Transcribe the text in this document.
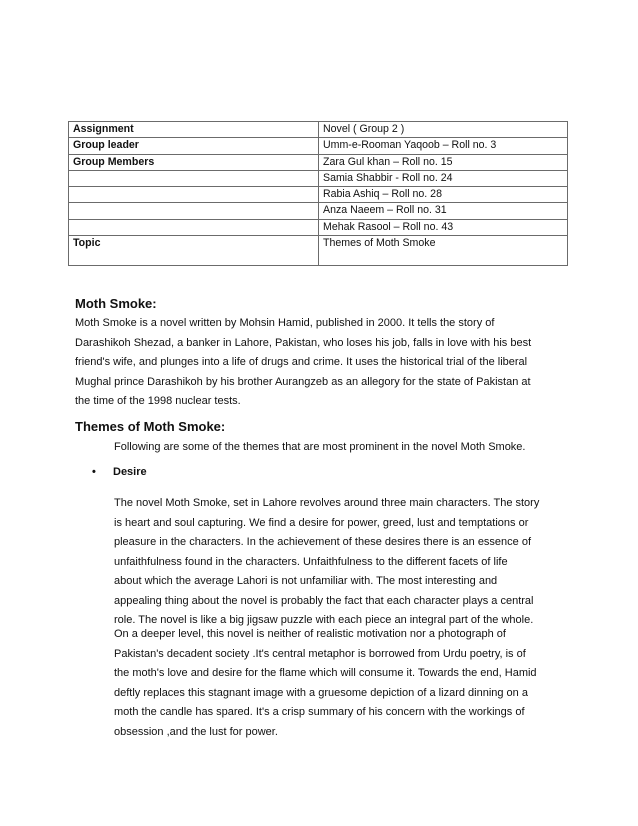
Assignment	Novel ( Group 2 )
Group leader	Umm-e-Rooman Yaqoob – Roll no. 3
Group Members	Zara Gul khan – Roll no. 15
	Samia Shabbir - Roll no. 24
	Rabia Ashiq – Roll no. 28
	Anza Naeem – Roll no. 31
	Mehak Rasool – Roll no. 43
Topic	Themes of Moth Smoke
Moth Smoke:
Moth Smoke is a novel written by Mohsin Hamid, published in 2000. It tells the story of
Darashikoh Shezad, a banker in Lahore, Pakistan, who loses his job, falls in love with his best
friend's wife, and plunges into a life of drugs and crime. It uses the historical trial of the liberal
Mughal prince Darashikoh by his brother Aurangzeb as an allegory for the state of Pakistan at
the time of the 1998 nuclear tests.
Themes of Moth Smoke:
Following are some of the themes that are most prominent in the novel Moth Smoke.
• Desire
The novel Moth Smoke, set in Lahore revolves around three main characters. The story
is heart and soul capturing. We find a desire for power, greed, lust and temptations or
pleasure in the characters. In the achievement of these desires there is an essence of
unfaithfulness found in the characters. Unfaithfulness to the different facets of life
about which the average Lahori is not unfamiliar with. The most interesting and
appealing thing about the novel is probably the fact that each character plays a central
role. The novel is like a big jigsaw puzzle with each piece an integral part of the whole.
On a deeper level, this novel is neither of realistic motivation nor a photograph of
Pakistan's decadent society .It's central metaphor is borrowed from Urdu poetry, is of
the moth's love and desire for the flame which will consume it. Towards the end, Hamid
deftly replaces this stagnant image with a gruesome depiction of a lizard dinning on a
moth the candle has spared. It's a crisp summary of his concern with the workings of
obsession ,and the lust for power.
